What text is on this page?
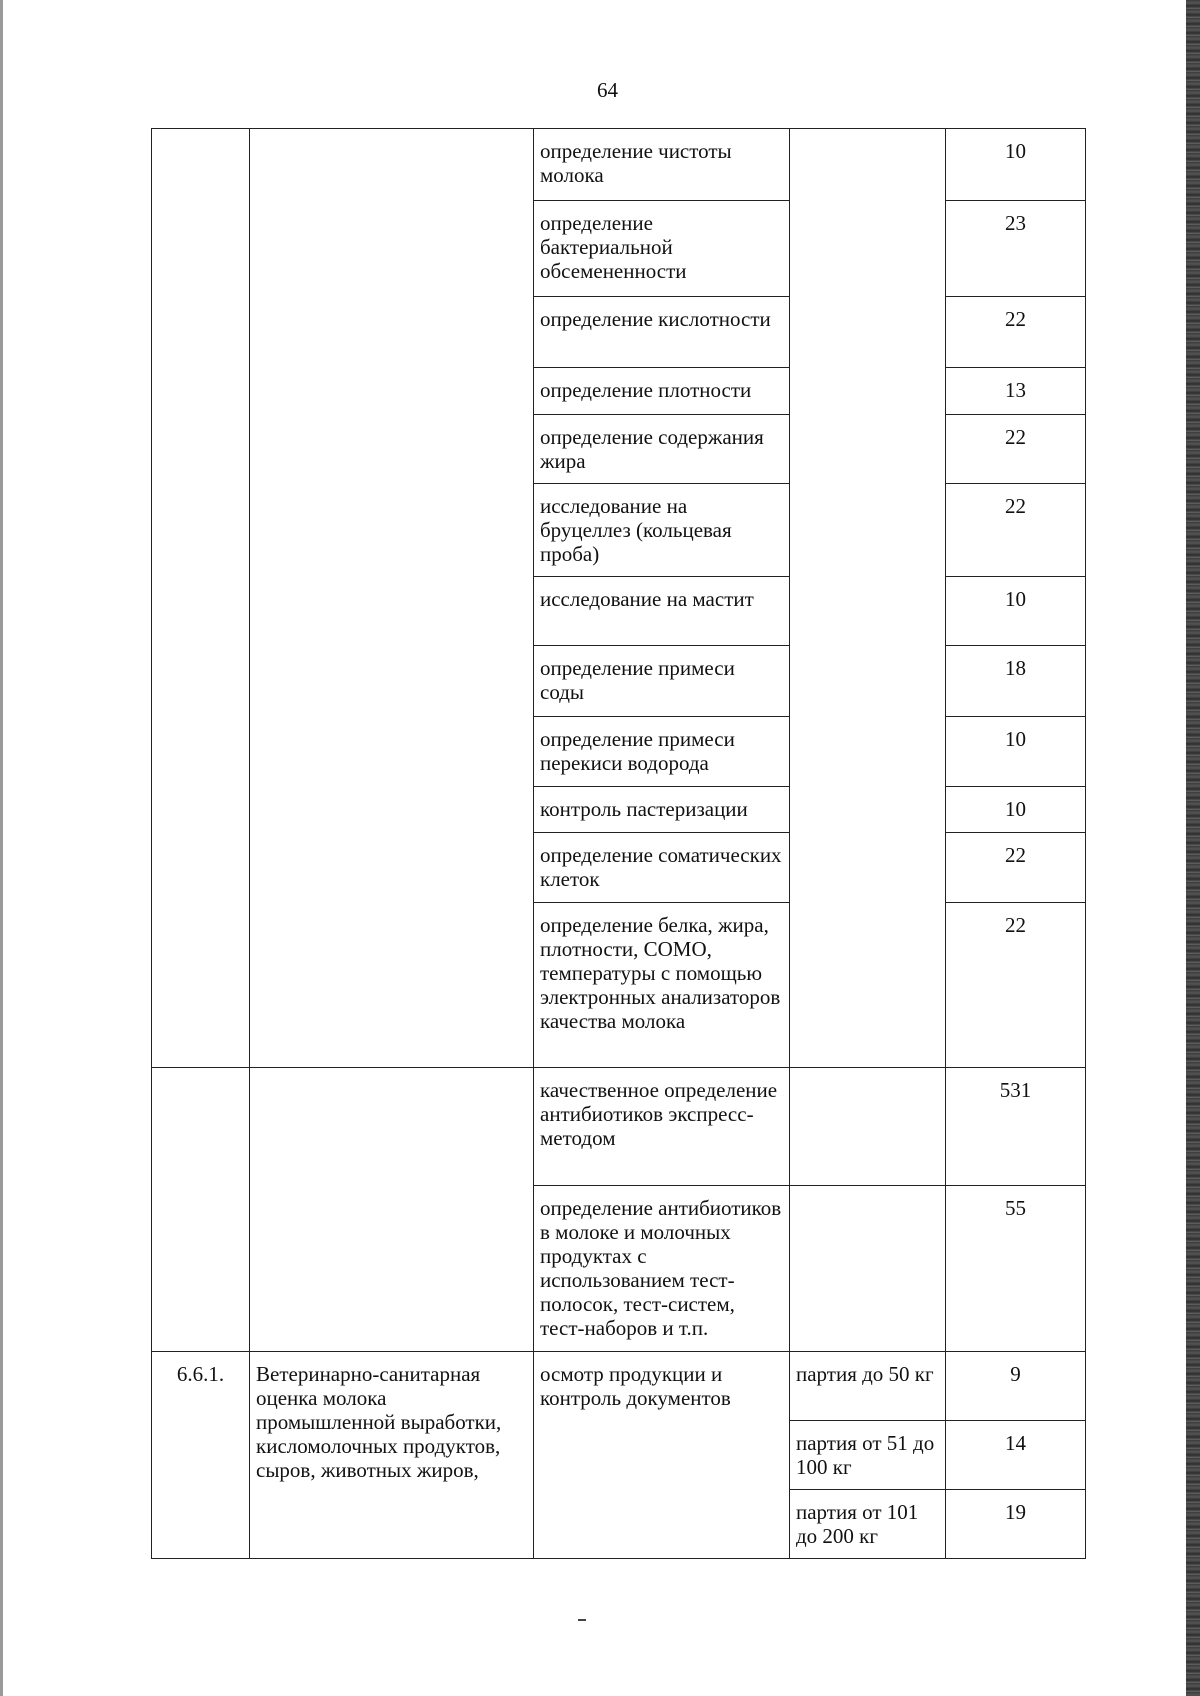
64
		определение чистоты молока		10
		определение бактериальной обсемененности		23
		определение кислотности		22
		определение плотности		13
		определение содержания жира		22
		исследование на бруцеллез (кольцевая проба)		22
		исследование на мастит		10
		определение примеси соды		18
		определение примеси перекиси водорода		10
		контроль пастеризации		10
		определение соматических клеток		22
		определение белка, жира, плотности, СОМО, температуры с помощью электронных анализаторов качества молока		22
		качественное определение антибиотиков экспресс-методом		531
		определение антибиотиков в молоке и молочных продуктах с использованием тест-полосок, тест-систем, тест-наборов и т.п.		55
6.6.1.	Ветеринарно-санитарная оценка молока промышленной выработки, кисломолочных продуктов, сыров, животных жиров,	осмотр продукции и контроль документов	партия до 50 кг	9
			партия от 51 до 100 кг	14
			партия от 101 до 200 кг	19
